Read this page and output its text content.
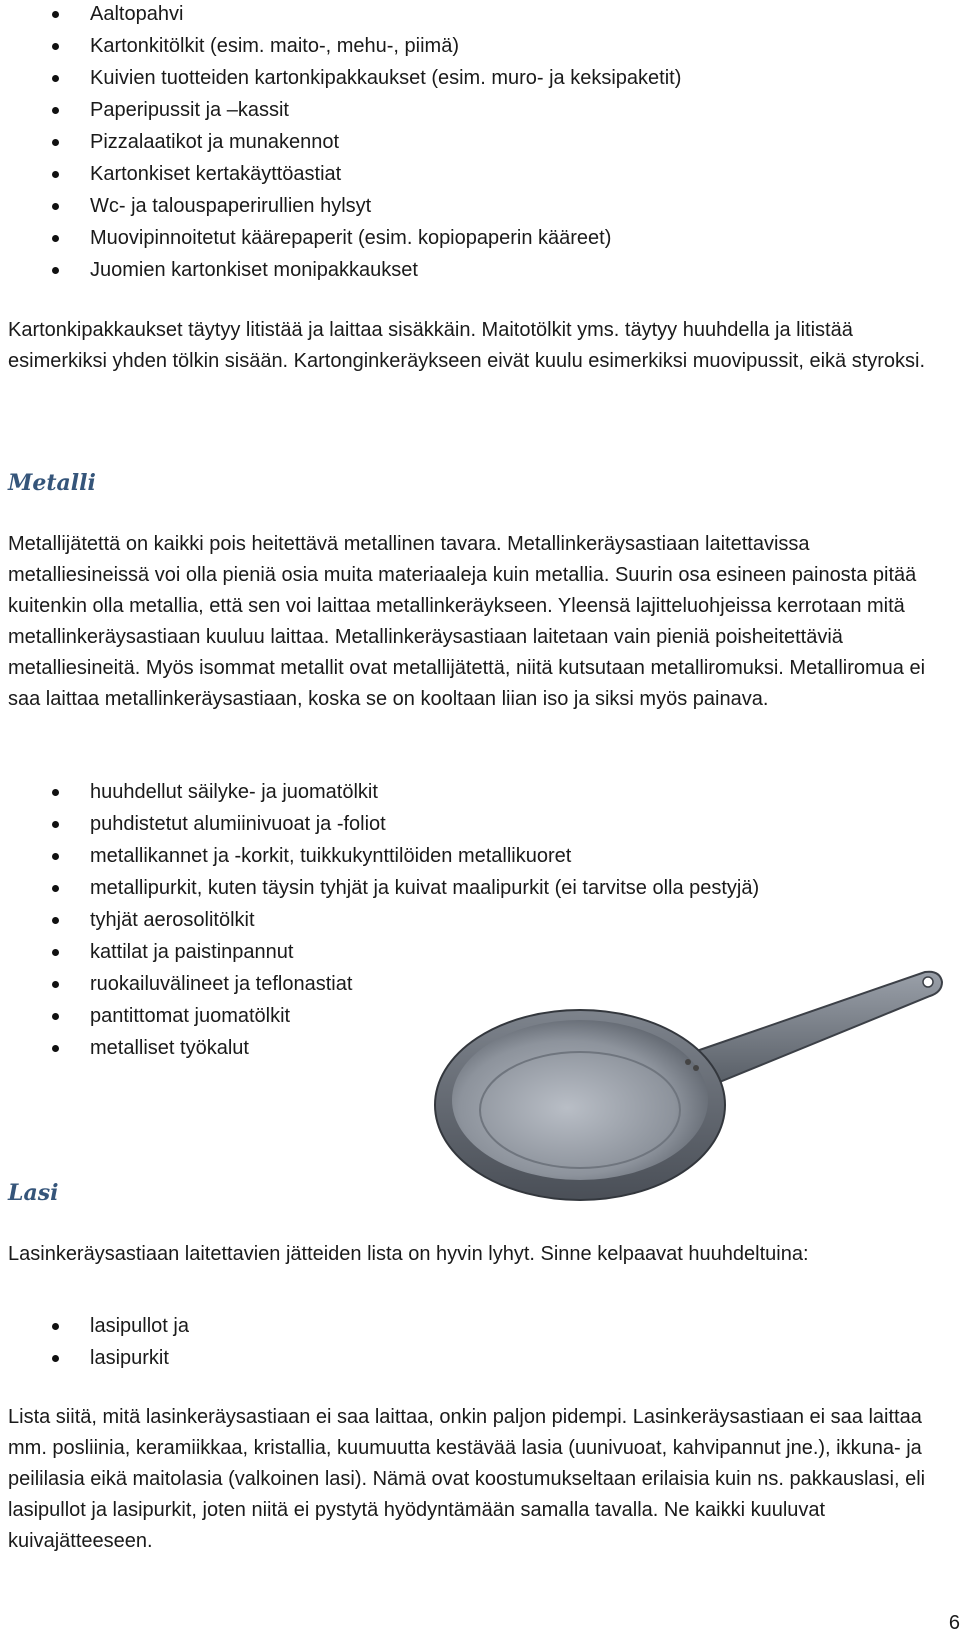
Aaltopahvi
Kartonkitölkit (esim. maito-, mehu-, piimä)
Kuivien tuotteiden kartonkipakkaukset (esim. muro- ja keksipaketit)
Paperipussit ja –kassit
Pizzalaatikot ja munakennot
Kartonkiset kertakäyttöastiat
Wc- ja talouspaperirullien hylsyt
Muovipinnoitetut käärepaperit (esim. kopiopaperin kääreet)
Juomien kartonkiset monipakkaukset

Kartonkipakkaukset täytyy litistää ja laittaa sisäkkäin. Maitotölkit yms. täytyy huuhdella ja litistää esimerkiksi yhden tölkin sisään. Kartonginkeräykseen eivät kuulu esimerkiksi muovipussit, eikä styroksi.

Metalli

Metallijätettä on kaikki pois heitettävä metallinen tavara. Metallinkeräysastiaan laitettavissa metalliesineissä voi olla pieniä osia muita materiaaleja kuin metallia. Suurin osa esineen painosta pitää kuitenkin olla metallia, että sen voi laittaa metallinkeräykseen. Yleensä lajitteluohjeissa kerrotaan mitä metallinkeräysastiaan kuuluu laittaa. Metallinkeräysastiaan laitetaan vain pieniä poisheitettäviä metalliesineitä. Myös isommat metallit ovat metallijätettä, niitä kutsutaan metalliromuksi. Metalliromua ei saa laittaa metallinkeräysastiaan, koska se on kooltaan liian iso ja siksi myös painava.

huuhdellut säilyke- ja juomatölkit
puhdistetut alumiinivuoat ja -foliot
metallikannet ja -korkit, tuikkukynttilöiden metallikuoret
metallipurkit, kuten täysin tyhjät ja kuivat maalipurkit (ei tarvitse olla pestyjä)
tyhjät aerosolitölkit
kattilat ja paistinpannut
ruokailuvälineet ja teflonastiat
pantittomat juomatölkit
metalliset työkalut
Lasi

Lasinkeräysastiaan laitettavien jätteiden lista on hyvin lyhyt. Sinne kelpaavat huuhdeltuina:

lasipullot ja
lasipurkit

Lista siitä, mitä lasinkeräysastiaan ei saa laittaa, onkin paljon pidempi. Lasinkeräysastiaan ei saa laittaa mm. posliinia, keramiikkaa, kristallia, kuumuutta kestävää lasia (uunivuoat, kahvipannut jne.), ikkuna- ja peililasia eikä maitolasia (valkoinen lasi). Nämä ovat koostumukseltaan erilaisia kuin ns. pakkauslasi, eli lasipullot ja lasipurkit, joten niitä ei pystytä hyödyntämään samalla tavalla. Ne kaikki kuuluvat kuivajätteeseen.

6
